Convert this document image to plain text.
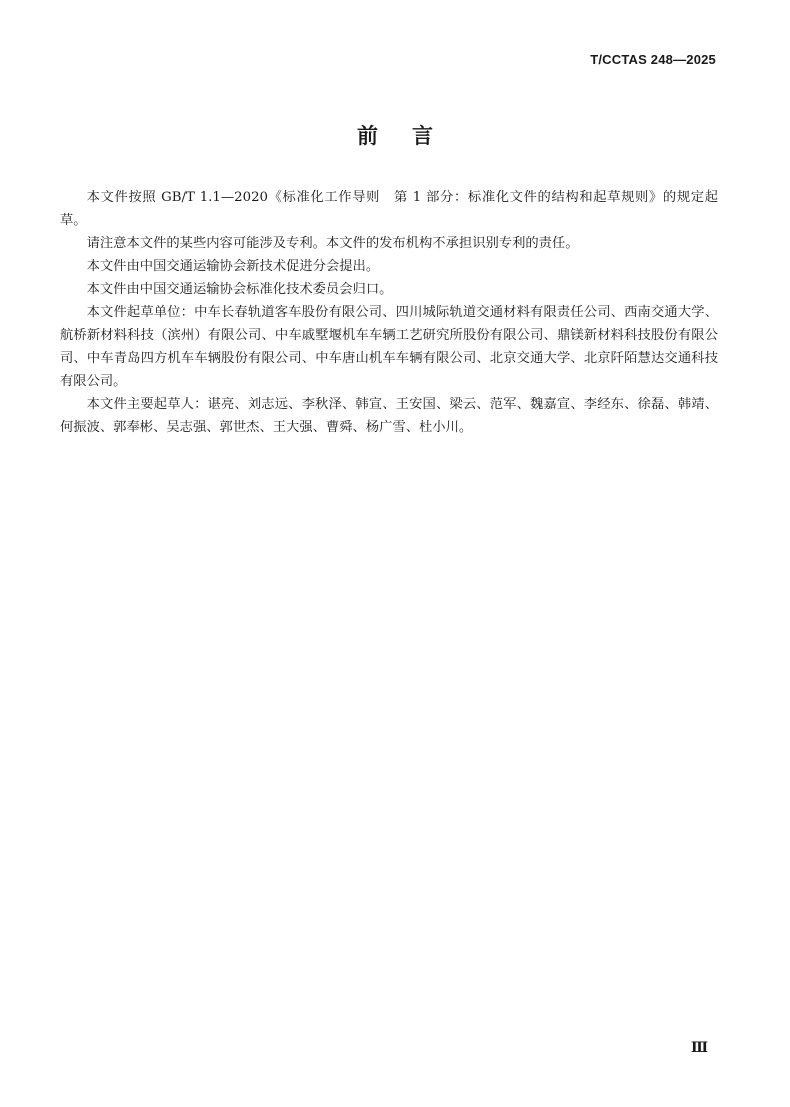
T/CCTAS 248—2025
前言

本文件按照 GB/T 1.1—2020《标准化工作导则　第 1 部分：标准化文件的结构和起草规则》的规定起草。

请注意本文件的某些内容可能涉及专利。本文件的发布机构不承担识别专利的责任。

本文件由中国交通运输协会新技术促进分会提出。

本文件由中国交通运输协会标准化技术委员会归口。

本文件起草单位：中车长春轨道客车股份有限公司、四川城际轨道交通材料有限责任公司、西南交通大学、航桥新材料科技（滨州）有限公司、中车戚墅堰机车车辆工艺研究所股份有限公司、鼎镁新材料科技股份有限公司、中车青岛四方机车车辆股份有限公司、中车唐山机车车辆有限公司、北京交通大学、北京阡陌慧达交通科技有限公司。

本文件主要起草人：谌亮、刘志远、李秋泽、韩宣、王安国、梁云、范军、魏嘉宣、李经东、徐磊、韩靖、何振波、郭奉彬、吴志强、郭世杰、王大强、曹舜、杨广雪、杜小川。

Ⅲ
